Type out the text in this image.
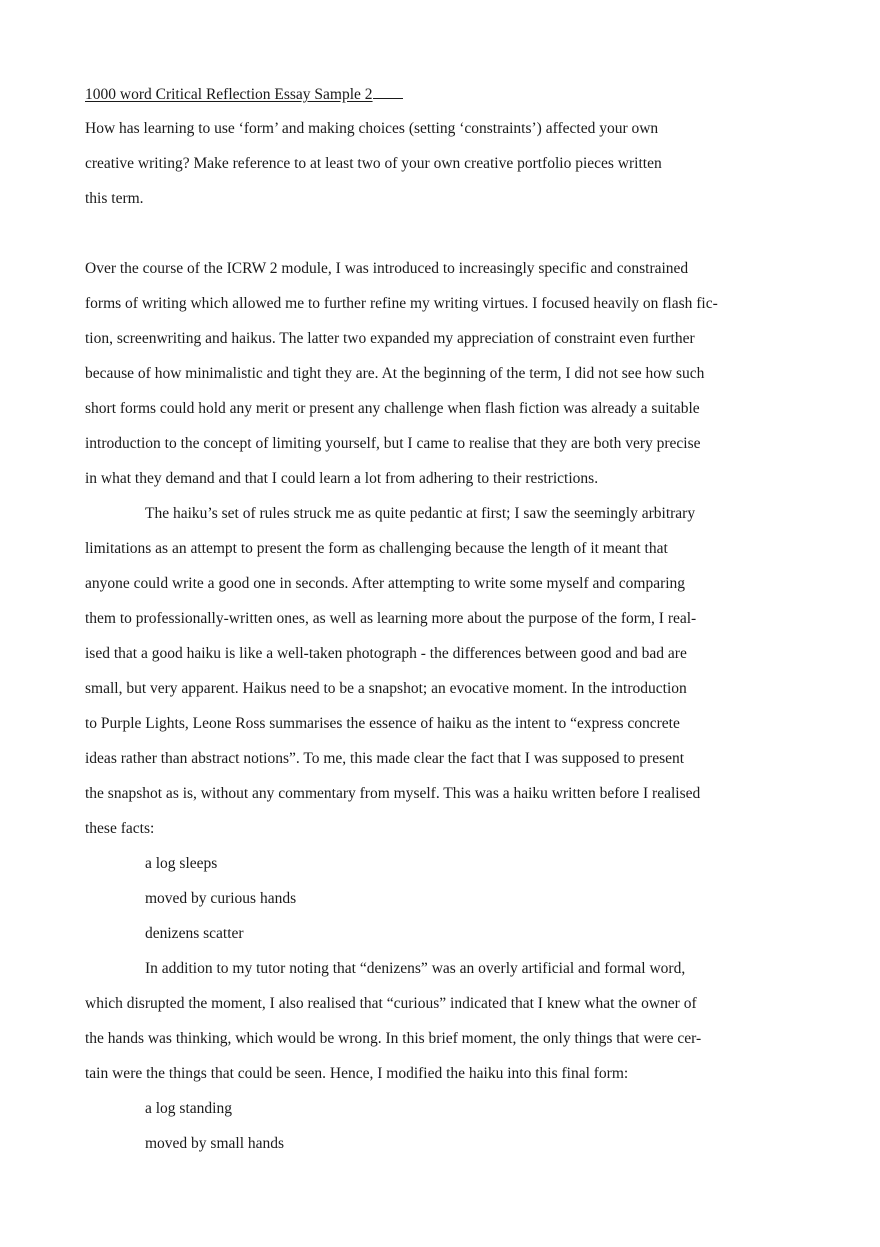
1000 word Critical Reflection Essay Sample 2
How has learning to use ‘form’ and making choices (setting ‘constraints’) affected your own
creative writing? Make reference to at least two of your own creative portfolio pieces written
this term.
Over the course of the ICRW 2 module, I was introduced to increasingly specific and constrained
forms of writing which allowed me to further refine my writing virtues. I focused heavily on flash fic-
tion, screenwriting and haikus. The latter two expanded my appreciation of constraint even further
because of how minimalistic and tight they are. At the beginning of the term, I did not see how such
short forms could hold any merit or present any challenge when flash fiction was already a suitable
introduction to the concept of limiting yourself, but I came to realise that they are both very precise
in what they demand and that I could learn a lot from adhering to their restrictions.
The haiku’s set of rules struck me as quite pedantic at first; I saw the seemingly arbitrary
limitations as an attempt to present the form as challenging because the length of it meant that
anyone could write a good one in seconds. After attempting to write some myself and comparing
them to professionally-written ones, as well as learning more about the purpose of the form, I real-
ised that a good haiku is like a well-taken photograph - the differences between good and bad are
small, but very apparent. Haikus need to be a snapshot; an evocative moment. In the introduction
to Purple Lights, Leone Ross summarises the essence of haiku as the intent to “express concrete
ideas rather than abstract notions”. To me, this made clear the fact that I was supposed to present
the snapshot as is, without any commentary from myself. This was a haiku written before I realised
these facts:
a log sleeps
moved by curious hands
denizens scatter
In addition to my tutor noting that “denizens” was an overly artificial and formal word,
which disrupted the moment, I also realised that “curious” indicated that I knew what the owner of
the hands was thinking, which would be wrong. In this brief moment, the only things that were cer-
tain were the things that could be seen. Hence, I modified the haiku into this final form:
a log standing
moved by small hands
